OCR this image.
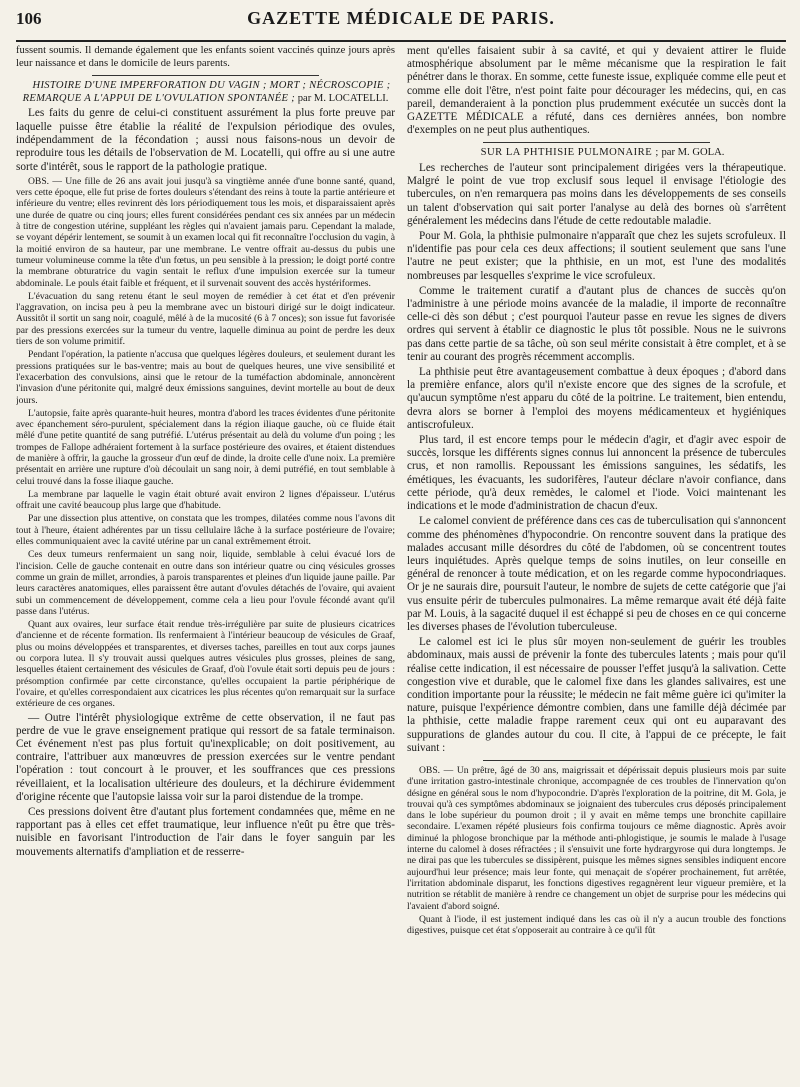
106	GAZETTE MÉDICALE DE PARIS.

fussent soumis. Il demande également que les enfants soient vaccinés quinze jours après leur naissance et dans le domicile de leurs parents.

HISTOIRE D'UNE IMPERFORATION DU VAGIN ; MORT ; NÉCROSCOPIE ; REMARQUE A L'APPUI DE L'OVULATION SPONTANÉE ; par M. LOCATELLI.

Les faits du genre de celui-ci constituent assurément la plus forte preuve par laquelle puisse être établie la réalité de l'expulsion périodique des ovules, indépendamment de la fécondation ; aussi nous faisons-nous un devoir de reproduire tous les détails de l'observation de M. Locatelli, qui offre au si une autre sorte d'intérêt, sous le rapport de la pathologie pratique.

OBS. — Une fille de 26 ans avait joui jusqu'à sa vingtième année d'une bonne santé, quand, vers cette époque, elle fut prise de fortes douleurs s'étendant des reins à toute la partie antérieure et inférieure du ventre; elles revinrent dès lors périodiquement tous les mois, et disparaissaient après une durée de quatre ou cinq jours; elles furent considérées pendant ces six années par un médecin à titre de congestion utérine, suppléant les règles qui n'avaient jamais paru. Cependant la malade, se voyant dépérir lentement, se soumit à un examen local qui fit reconnaître l'occlusion du vagin, à la moitié environ de sa hauteur, par une membrane. Le ventre offrait au-dessus du pubis une tumeur volumineuse comme la tête d'un fœtus, un peu sensible à la pression; le doigt porté contre la membrane obturatrice du vagin sentait le reflux d'une impulsion exercée sur la tumeur abdominale. Le pouls était faible et fréquent, et il survenait souvent des accès hystériformes.

L'évacuation du sang retenu étant le seul moyen de remédier à cet état et d'en prévenir l'aggravation, on incisa peu à peu la membrane avec un bistouri dirigé sur le doigt indicateur. Aussitôt il sortit un sang noir, coagulé, mêlé à de la mucosité (6 à 7 onces); son issue fut favorisée par des pressions exercées sur la tumeur du ventre, laquelle diminua au point de perdre les deux tiers de son volume primitif.

Pendant l'opération, la patiente n'accusa que quelques légères douleurs, et seulement durant les pressions pratiquées sur le bas-ventre; mais au bout de quelques heures, une vive sensibilité et l'exacerbation des convulsions, ainsi que le retour de la tuméfaction abdominale, annoncèrent l'invasion d'une péritonite qui, malgré deux émissions sanguines, devint mortelle au bout de deux jours.

L'autopsie, faite après quarante-huit heures, montra d'abord les traces évidentes d'une péritonite avec épanchement séro-purulent, spécialement dans la région iliaque gauche, où ce fluide était mêlé d'une petite quantité de sang putréfié. L'utérus présentait au delà du volume d'un poing ; les trompes de Fallope adhéraient fortement à la surface postérieure des ovaires, et étaient distendues de manière à offrir, la gauche la grosseur d'un œuf de dinde, la droite celle d'une noix. La première présentait en arrière une rupture d'où découlait un sang noir, à demi putréfié, en tout semblable à celui trouvé dans la fosse iliaque gauche.

La membrane par laquelle le vagin était obturé avait environ 2 lignes d'épaisseur. L'utérus offrait une cavité beaucoup plus large que d'habitude.

Par une dissection plus attentive, on constata que les trompes, dilatées comme nous l'avons dit tout à l'heure, étaient adhérentes par un tissu cellulaire lâche à la surface postérieure de l'ovaire; elles communiquaient avec la cavité utérine par un canal extrêmement étroit.

Ces deux tumeurs renfermaient un sang noir, liquide, semblable à celui évacué lors de l'incision. Celle de gauche contenait en outre dans son intérieur quatre ou cinq vésicules grosses comme un grain de millet, arrondies, à parois transparentes et pleines d'un liquide jaune paille. Par leurs caractères anatomiques, elles paraissent être autant d'ovules détachés de l'ovaire, qui avaient subi un commencement de développement, comme cela a lieu pour l'ovule fécondé avant qu'il passe dans l'utérus.

Quant aux ovaires, leur surface était rendue très-irrégulière par suite de plusieurs cicatrices d'ancienne et de récente formation. Ils renfermaient à l'intérieur beaucoup de vésicules de Graaf, plus ou moins développées et transparentes, et diverses taches, pareilles en tout aux corps jaunes ou corpora lutea. Il s'y trouvait aussi quelques autres vésicules plus grosses, pleines de sang, lesquelles étaient certainement des vésicules de Graaf, d'où l'ovule était sorti depuis peu de jours : présomption confirmée par cette circonstance, qu'elles occupaient la partie périphérique de l'ovaire, et qu'elles correspondaient aux cicatrices les plus récentes qu'on remarquait sur la surface extérieure de ces organes.

— Outre l'intérêt physiologique extrême de cette observation, il ne faut pas perdre de vue le grave enseignement pratique qui ressort de sa fatale terminaison. Cet événement n'est pas plus fortuit qu'inexplicable; on doit positivement, au contraire, l'attribuer aux manœuvres de pression exercées sur le ventre pendant l'opération : tout concourt à le prouver, et les souffrances que ces pressions réveillaient, et la localisation ultérieure des douleurs, et la déchirure évidemment d'origine récente que l'autopsie laissa voir sur la paroi distendue de la trompe.

Ces pressions doivent être d'autant plus fortement condamnées que, même en ne rapportant pas à elles cet effet traumatique, leur influence n'eût pu être que très-nuisible en favorisant l'introduction de l'air dans le foyer sanguin par les mouvements alternatifs d'ampliation et de resserre-

ment qu'elles faisaient subir à sa cavité, et qui y devaient attirer le fluide atmosphérique absolument par le même mécanisme que la respiration le fait pénétrer dans le thorax. En somme, cette funeste issue, expliquée comme elle peut et comme elle doit l'être, n'est point faite pour décourager les médecins, qui, en cas pareil, demanderaient à la ponction plus prudemment exécutée un succès dont la GAZETTE MÉDICALE a réfuté, dans ces dernières années, bon nombre d'exemples on ne peut plus authentiques.

SUR LA PHTHISIE PULMONAIRE ; par M. GOLA.

Les recherches de l'auteur sont principalement dirigées vers la thérapeutique. Malgré le point de vue trop exclusif sous lequel il envisage l'étiologie des tubercules, on n'en remarquera pas moins dans les développements de ses conseils un talent d'observation qui sait porter l'analyse au delà des bornes où s'arrêtent généralement les médecins dans l'étude de cette redoutable maladie.

Pour M. Gola, la phthisie pulmonaire n'apparaît que chez les sujets scrofuleux. Il n'identifie pas pour cela ces deux affections; il soutient seulement que sans l'une l'autre ne peut exister; que la phthisie, en un mot, est l'une des modalités nombreuses par lesquelles s'exprime le vice scrofuleux.

Comme le traitement curatif a d'autant plus de chances de succès qu'on l'administre à une période moins avancée de la maladie, il importe de reconnaître celle-ci dès son début ; c'est pourquoi l'auteur passe en revue les signes de divers ordres qui servent à établir ce diagnostic le plus tôt possible. Nous ne le suivrons pas dans cette partie de sa tâche, où son seul mérite consistait à être complet, et à se tenir au courant des progrès récemment accomplis.

La phthisie peut être avantageusement combattue à deux époques ; d'abord dans la première enfance, alors qu'il n'existe encore que des signes de la scrofule, et qu'aucun symptôme n'est apparu du côté de la poitrine. Le traitement, bien entendu, devra alors se borner à l'emploi des moyens médicamenteux et hygiéniques antiscrofuleux.

Plus tard, il est encore temps pour le médecin d'agir, et d'agir avec espoir de succès, lorsque les différents signes connus lui annoncent la présence de tubercules crus, et non ramollis. Repoussant les émissions sanguines, les sédatifs, les émétiques, les évacuants, les sudorifères, l'auteur déclare n'avoir confiance, dans cette période, qu'à deux remèdes, le calomel et l'iode. Voici maintenant les indications et le mode d'administration de chacun d'eux.

Le calomel convient de préférence dans ces cas de tuberculisation qui s'annoncent comme des phénomènes d'hypocondrie. On rencontre souvent dans la pratique des malades accusant mille désordres du côté de l'abdomen, où se concentrent toutes leurs inquiétudes. Après quelque temps de soins inutiles, on leur conseille en général de renoncer à toute médication, et on les regarde comme hypocondriaques. Or je ne saurais dire, poursuit l'auteur, le nombre de sujets de cette catégorie que j'ai vus ensuite périr de tubercules pulmonaires. La même remarque avait été déjà faite par M. Louis, à la sagacité duquel il est échappé si peu de choses en ce qui concerne les diverses phases de l'évolution tuberculeuse.

Le calomel est ici le plus sûr moyen non-seulement de guérir les troubles abdominaux, mais aussi de prévenir la fonte des tubercules latents ; mais pour qu'il réalise cette indication, il est nécessaire de pousser l'effet jusqu'à la salivation. Cette congestion vive et durable, que le calomel fixe dans les glandes salivaires, est une condition importante pour la réussite; le médecin ne fait même guère ici qu'imiter la nature, puisque l'expérience démontre combien, dans une famille déjà décimée par la phthisie, cette maladie frappe rarement ceux qui ont eu auparavant des suppurations de glandes autour du cou. Il cite, à l'appui de ce précepte, le fait suivant :

OBS. — Un prêtre, âgé de 30 ans, maigrissait et dépérissait depuis plusieurs mois par suite d'une irritation gastro-intestinale chronique, accompagnée de ces troubles de l'innervation qu'on désigne en général sous le nom d'hypocondrie. D'après l'exploration de la poitrine, dit M. Gola, je trouvai qu'à ces symptômes abdominaux se joignaient des tubercules crus déposés principalement dans le lobe supérieur du poumon droit ; il y avait en même temps une bronchite capillaire secondaire. L'examen répété plusieurs fois confirma toujours ce même diagnostic. Après avoir diminué la phlogose bronchique par la méthode anti-phlogistique, je soumis le malade à l'usage interne du calomel à doses réfractées ; il s'ensuivit une forte hydrargyrose qui dura longtemps. Je ne dirai pas que les tubercules se dissipèrent, puisque les mêmes signes sensibles indiquent encore aujourd'hui leur présence; mais leur fonte, qui menaçait de s'opérer prochainement, fut arrêtée, l'irritation abdominale disparut, les fonctions digestives regagnèrent leur vigueur première, et la nutrition se rétablit de manière à rendre ce changement un objet de surprise pour les médecins qui l'avaient d'abord soigné.

Quant à l'iode, il est justement indiqué dans les cas où il n'y a aucun trouble des fonctions digestives, puisque cet état s'opposerait au contraire à ce qu'il fût
